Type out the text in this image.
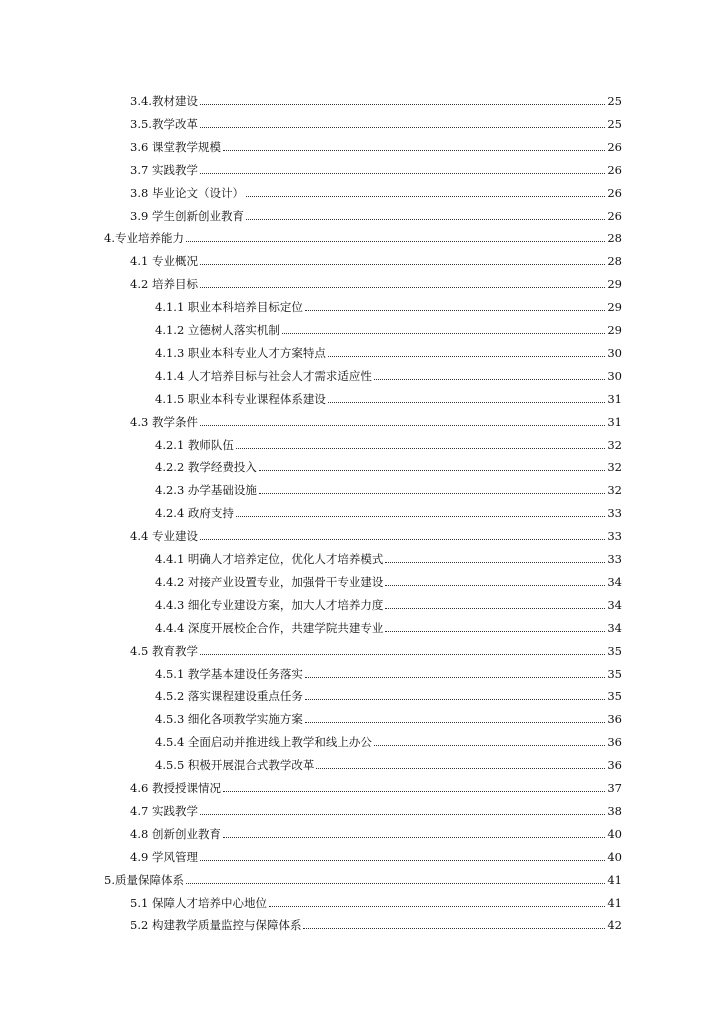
3.4.教材建设	25
3.5.教学改革	25
3.6 课堂教学规模	26
3.7 实践教学	26
3.8 毕业论文（设计）	26
3.9 学生创新创业教育	26
4.专业培养能力	28
4.1 专业概况	28
4.2 培养目标	29
4.1.1 职业本科培养目标定位	29
4.1.2 立德树人落实机制	29
4.1.3 职业本科专业人才方案特点	30
4.1.4 人才培养目标与社会人才需求适应性	30
4.1.5 职业本科专业课程体系建设	31
4.3 教学条件	31
4.2.1 教师队伍	32
4.2.2 教学经费投入	32
4.2.3 办学基础设施	32
4.2.4 政府支持	33
4.4 专业建设	33
4.4.1 明确人才培养定位，优化人才培养模式	33
4.4.2 对接产业设置专业，加强骨干专业建设	34
4.4.3 细化专业建设方案，加大人才培养力度	34
4.4.4 深度开展校企合作，共建学院共建专业	34
4.5 教育教学	35
4.5.1 教学基本建设任务落实	35
4.5.2 落实课程建设重点任务	35
4.5.3 细化各项教学实施方案	36
4.5.4 全面启动并推进线上教学和线上办公	36
4.5.5 积极开展混合式教学改革	36
4.6 教授授课情况	37
4.7 实践教学	38
4.8 创新创业教育	40
4.9 学风管理	40
5.质量保障体系	41
5.1 保障人才培养中心地位	41
5.2 构建教学质量监控与保障体系	42
